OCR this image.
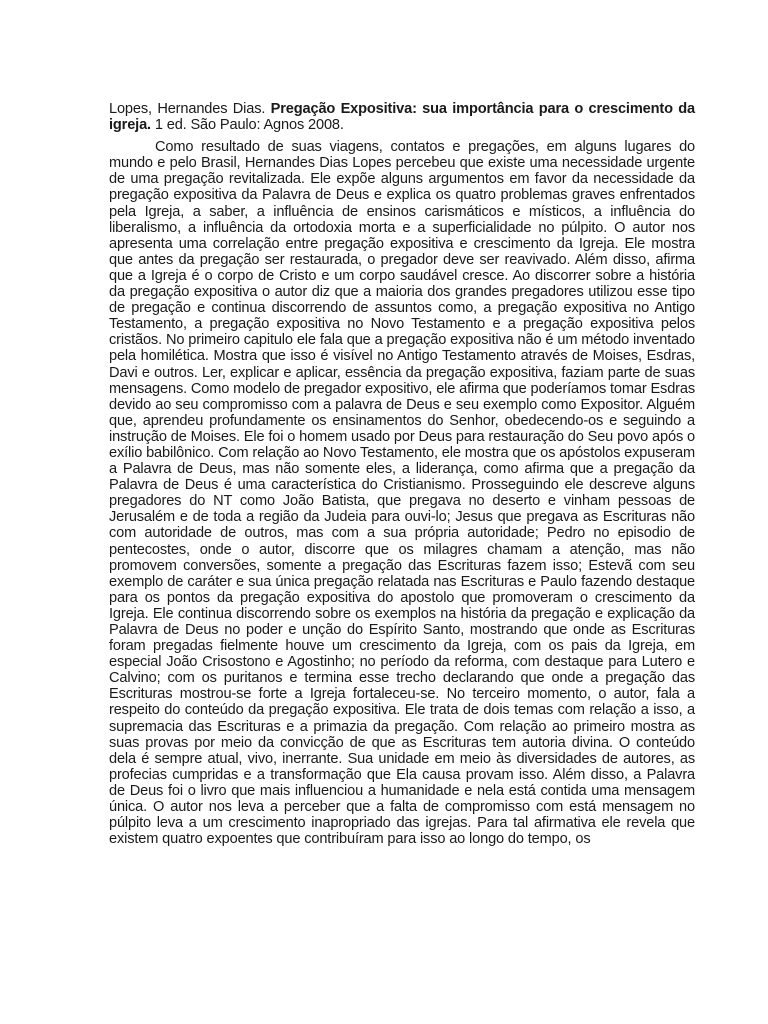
Lopes, Hernandes Dias. Pregação Expositiva: sua importância para o crescimento da igreja. 1 ed. São Paulo: Agnos 2008.

Como resultado de suas viagens, contatos e pregações, em alguns lugares do mundo e pelo Brasil, Hernandes Dias Lopes percebeu que existe uma necessidade urgente de uma pregação revitalizada. Ele expõe alguns argumentos em favor da necessidade da pregação expositiva da Palavra de Deus e explica os quatro problemas graves enfrentados pela Igreja, a saber, a influência de ensinos carismáticos e místicos, a influência do liberalismo, a influência da ortodoxia morta e a superficialidade no púlpito. O autor nos apresenta uma correlação entre pregação expositiva e crescimento da Igreja. Ele mostra que antes da pregação ser restaurada, o pregador deve ser reavivado. Além disso, afirma que a Igreja é o corpo de Cristo e um corpo saudável cresce. Ao discorrer sobre a história da pregação expositiva o autor diz que a maioria dos grandes pregadores utilizou esse tipo de pregação e continua discorrendo de assuntos como, a pregação expositiva no Antigo Testamento, a pregação expositiva no Novo Testamento e a pregação expositiva pelos cristãos. No primeiro capitulo ele fala que a pregação expositiva não é um método inventado pela homilética. Mostra que isso é visível no Antigo Testamento através de Moises, Esdras, Davi e outros. Ler, explicar e aplicar, essência da pregação expositiva, faziam parte de suas mensagens. Como modelo de pregador expositivo, ele afirma que poderíamos tomar Esdras devido ao seu compromisso com a palavra de Deus e seu exemplo como Expositor. Alguém que, aprendeu profundamente os ensinamentos do Senhor, obedecendo-os e seguindo a instrução de Moises. Ele foi o homem usado por Deus para restauração do Seu povo após o exílio babilônico. Com relação ao Novo Testamento, ele mostra que os apóstolos expuseram a Palavra de Deus, mas não somente eles, a liderança, como afirma que a pregação da Palavra de Deus é uma característica do Cristianismo. Prosseguindo ele descreve alguns pregadores do NT como João Batista, que pregava no deserto e vinham pessoas de Jerusalém e de toda a região da Judeia para ouvi-lo; Jesus que pregava as Escrituras não com autoridade de outros, mas com a sua própria autoridade; Pedro no episodio de pentecostes, onde o autor, discorre que os milagres chamam a atenção, mas não promovem conversões, somente a pregação das Escrituras fazem isso; Estevã com seu exemplo de caráter e sua única pregação relatada nas Escrituras e Paulo fazendo destaque para os pontos da pregação expositiva do apostolo que promoveram o crescimento da Igreja. Ele continua discorrendo sobre os exemplos na história da pregação e explicação da Palavra de Deus no poder e unção do Espírito Santo, mostrando que onde as Escrituras foram pregadas fielmente houve um crescimento da Igreja, com os pais da Igreja, em especial João Crisostono e Agostinho; no período da reforma, com destaque para Lutero e Calvino; com os puritanos e termina esse trecho declarando que onde a pregação das Escrituras mostrou-se forte a Igreja fortaleceu-se. No terceiro momento, o autor, fala a respeito do conteúdo da pregação expositiva. Ele trata de dois temas com relação a isso, a supremacia das Escrituras e a primazia da pregação. Com relação ao primeiro mostra as suas provas por meio da convicção de que as Escrituras tem autoria divina. O conteúdo dela é sempre atual, vivo, inerrante. Sua unidade em meio às diversidades de autores, as profecias cumpridas e a transformação que Ela causa provam isso. Além disso, a Palavra de Deus foi o livro que mais influenciou a humanidade e nela está contida uma mensagem única. O autor nos leva a perceber que a falta de compromisso com está mensagem no púlpito leva a um crescimento inapropriado das igrejas. Para tal afirmativa ele revela que existem quatro expoentes que contribuíram para isso ao longo do tempo, os
